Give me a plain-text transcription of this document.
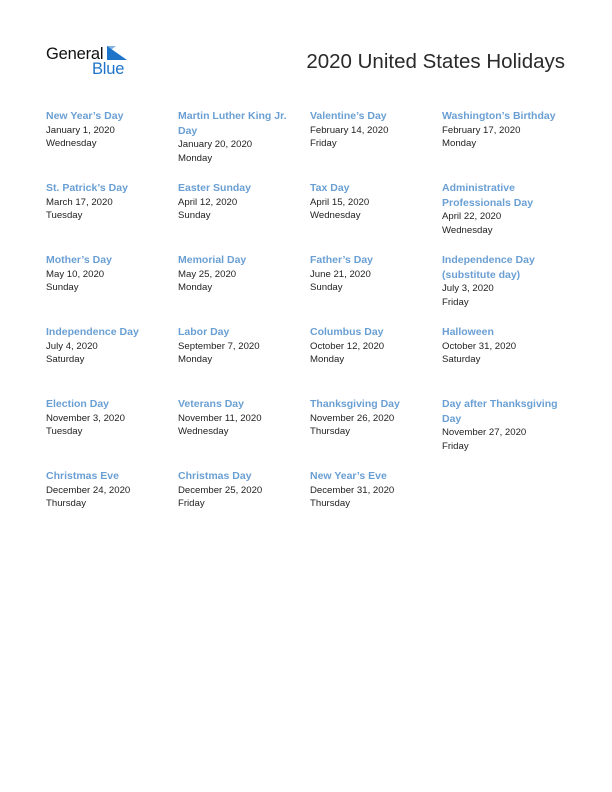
General
Blue	2020 United States Holidays
New Year’s Day
January 1, 2020
Wednesday
Martin Luther King Jr. Day
January 20, 2020
Monday
Valentine’s Day
February 14, 2020
Friday
Washington’s Birthday
February 17, 2020
Monday
St. Patrick’s Day
March 17, 2020
Tuesday
Easter Sunday
April 12, 2020
Sunday
Tax Day
April 15, 2020
Wednesday
Administrative Professionals Day
April 22, 2020
Wednesday
Mother’s Day
May 10, 2020
Sunday
Memorial Day
May 25, 2020
Monday
Father’s Day
June 21, 2020
Sunday
Independence Day (substitute day)
July 3, 2020
Friday
Independence Day
July 4, 2020
Saturday
Labor Day
September 7, 2020
Monday
Columbus Day
October 12, 2020
Monday
Halloween
October 31, 2020
Saturday
Election Day
November 3, 2020
Tuesday
Veterans Day
November 11, 2020
Wednesday
Thanksgiving Day
November 26, 2020
Thursday
Day after Thanksgiving Day
November 27, 2020
Friday
Christmas Eve
December 24, 2020
Thursday
Christmas Day
December 25, 2020
Friday
New Year’s Eve
December 31, 2020
Thursday
